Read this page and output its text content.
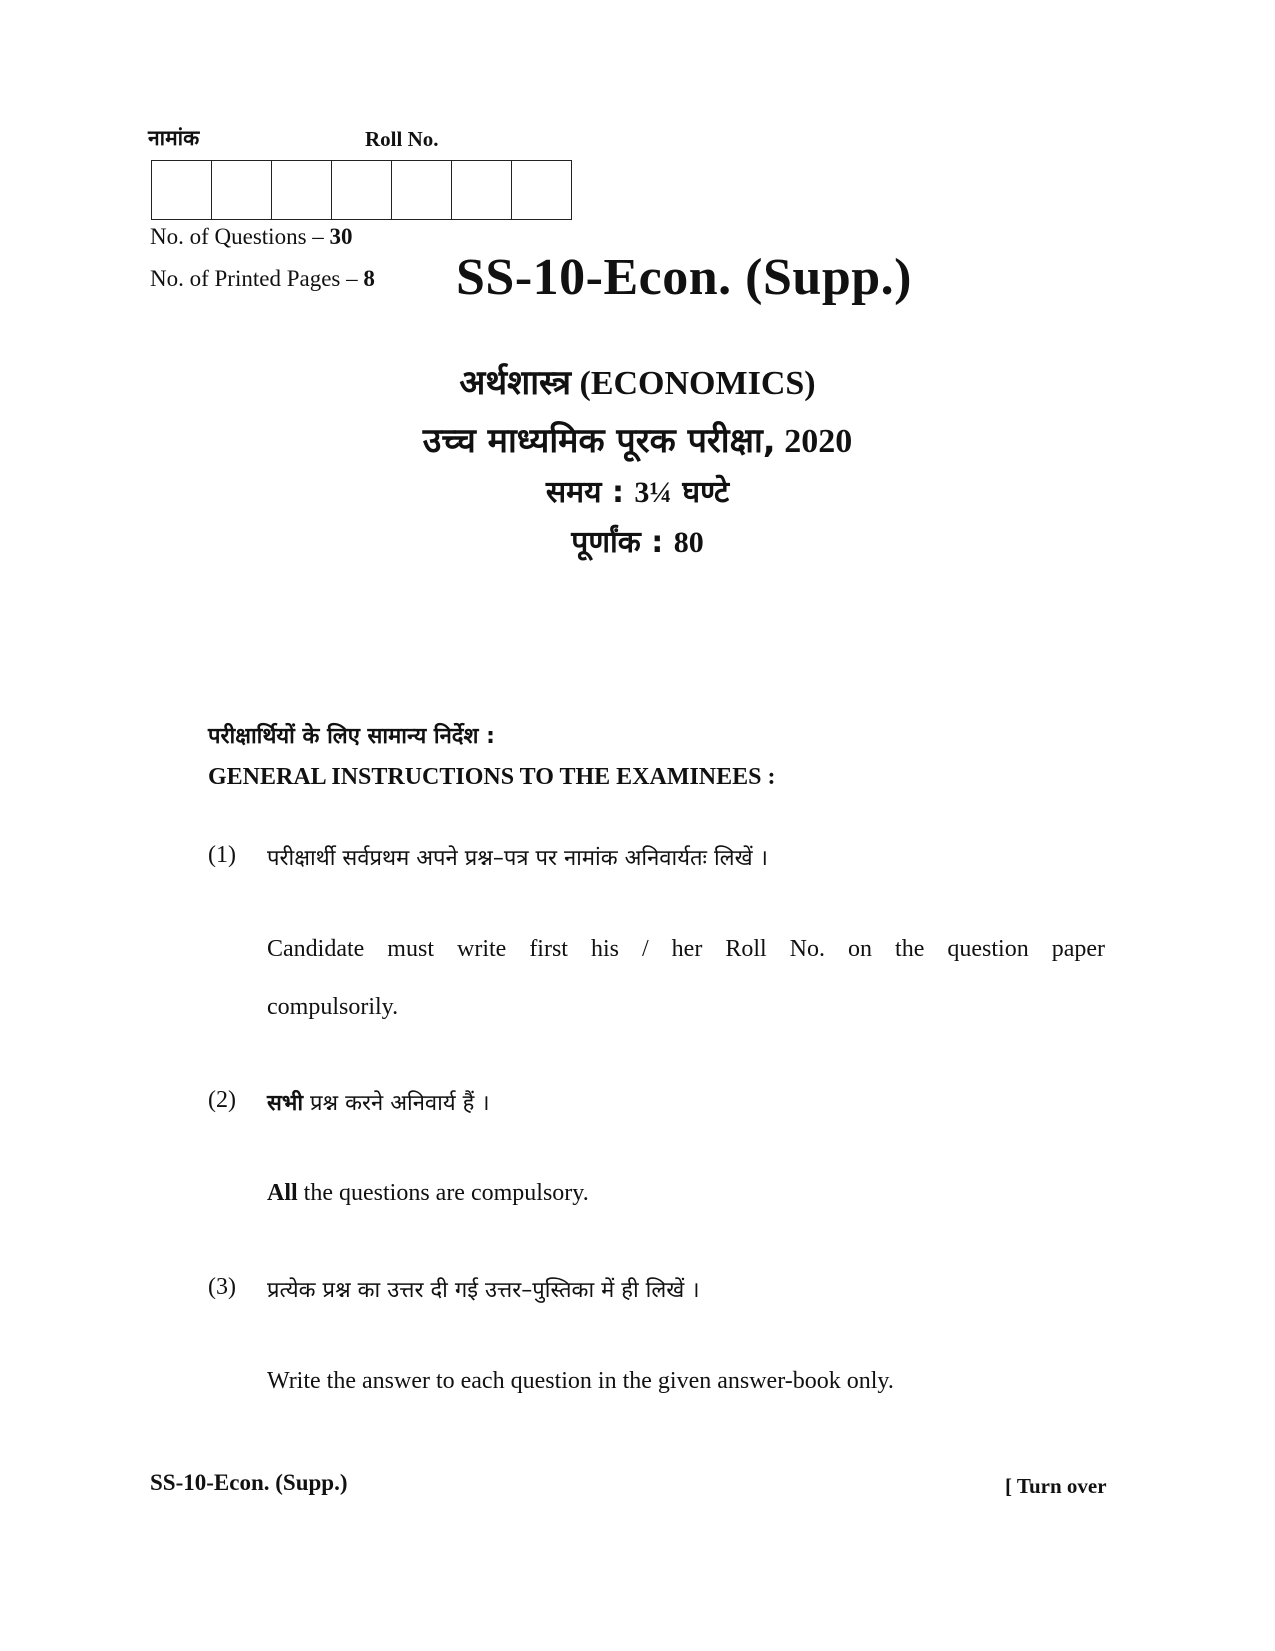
नामांक	Roll No.
No. of Questions – 30
No. of Printed Pages – 8 SS-10-Econ. (Supp.)
अर्थशास्त्र (ECONOMICS)
उच्च माध्यमिक पूरक परीक्षा, 2020
समय : 3¼ घण्टे
पूर्णांक : 80
परीक्षार्थियों के लिए सामान्य निर्देश :
GENERAL INSTRUCTIONS TO THE EXAMINEES :
(1) परीक्षार्थी सर्वप्रथम अपने प्रश्न–पत्र पर नामांक अनिवार्यतः लिखें ।
Candidate must write first his / her Roll No. on the question paper
compulsorily.
(2) सभी प्रश्न करने अनिवार्य हैं ।
All the questions are compulsory.
(3) प्रत्येक प्रश्न का उत्तर दी गई उत्तर–पुस्तिका में ही लिखें ।
Write the answer to each question in the given answer-book only.
SS-10-Econ. (Supp.)	[ Turn over
